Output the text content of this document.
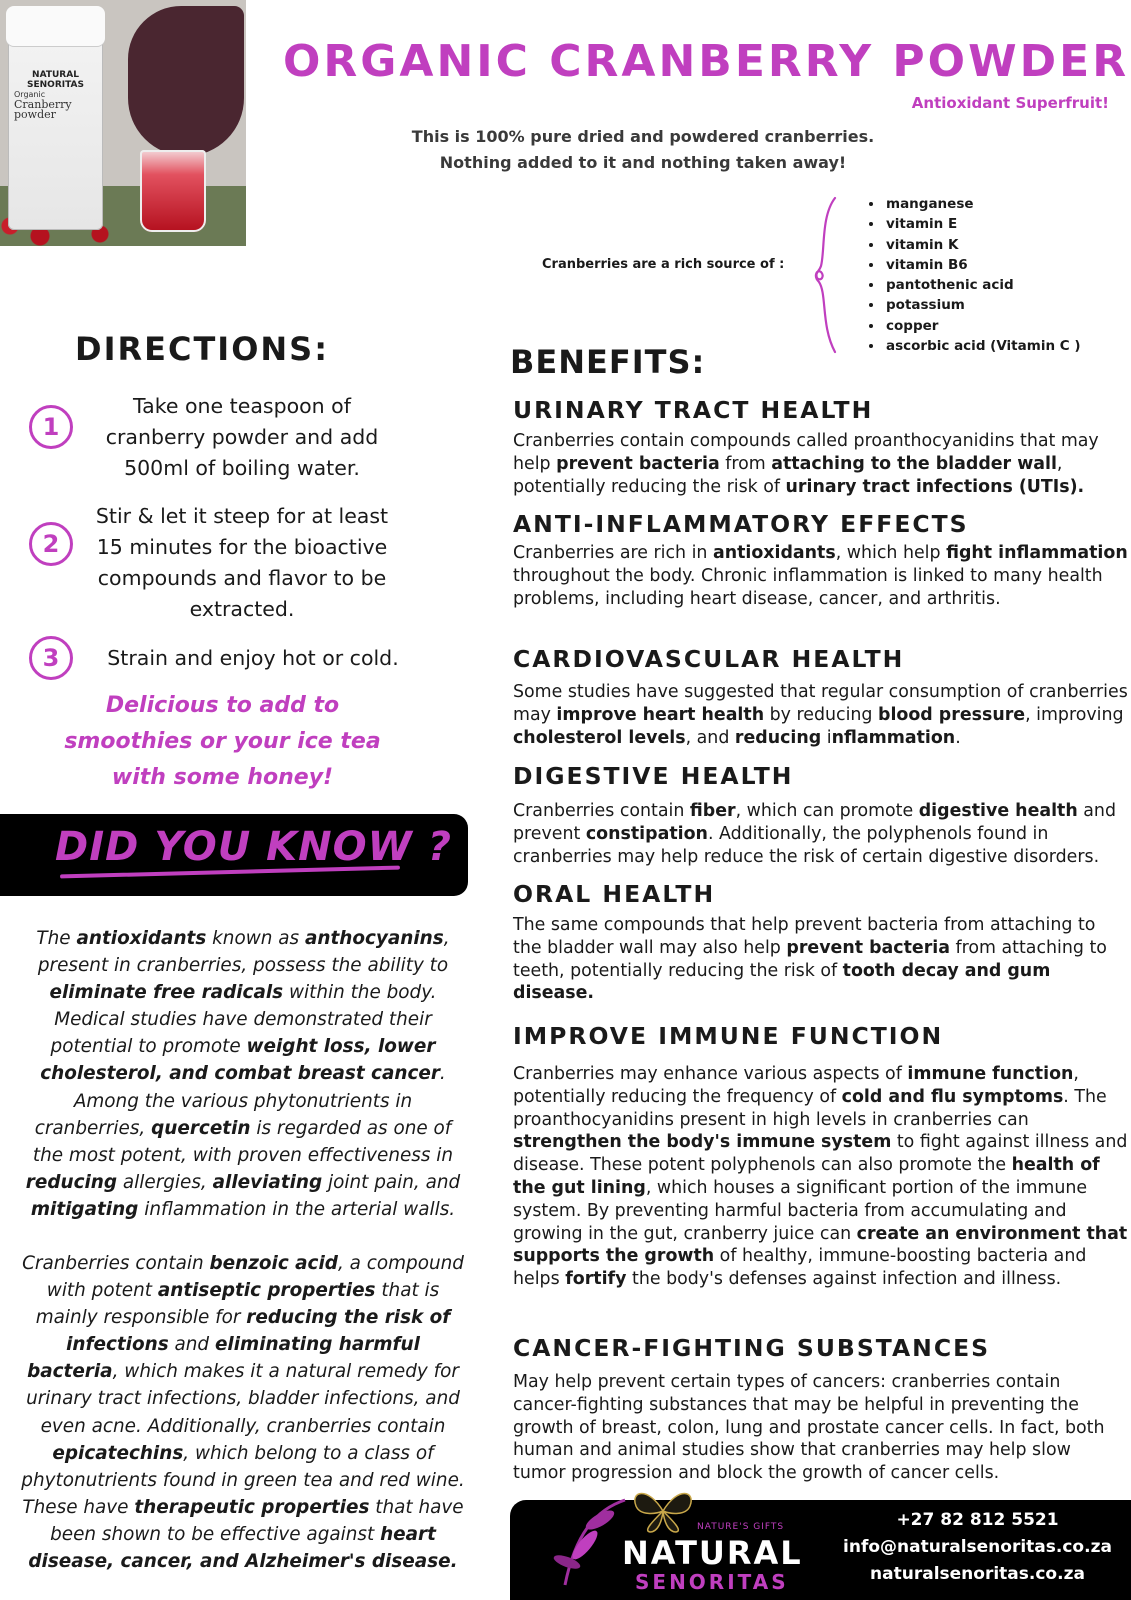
NATURAL SENORITAS
Organic
Cranberry powder
ORGANIC CRANBERRY POWDER
Antioxidant Superfruit!
This is 100% pure dried and powdered cranberries.
Nothing added to it and nothing taken away!
Cranberries are a rich source of :
• manganese
• vitamin E
• vitamin K
• vitamin B6
• pantothenic acid
• potassium
• copper
• ascorbic acid (Vitamin C )
DIRECTIONS:
1
Take one teaspoon of cranberry powder and add 500ml of boiling water.
2
Stir & let it steep for at least 15 minutes for the bioactive compounds and flavor to be extracted.
3	Strain and enjoy hot or cold.
Delicious to add to smoothies or your ice tea with some honey!
DID YOU KNOW ?
The antioxidants known as anthocyanins, present in cranberries, possess the ability to eliminate free radicals within the body. Medical studies have demonstrated their potential to promote weight loss, lower cholesterol, and combat breast cancer. Among the various phytonutrients in cranberries, quercetin is regarded as one of the most potent, with proven effectiveness in reducing allergies, alleviating joint pain, and mitigating inflammation in the arterial walls.
Cranberries contain benzoic acid, a compound with potent antiseptic properties that is mainly responsible for reducing the risk of infections and eliminating harmful bacteria, which makes it a natural remedy for urinary tract infections, bladder infections, and even acne. Additionally, cranberries contain epicatechins, which belong to a class of phytonutrients found in green tea and red wine. These have therapeutic properties that have been shown to be effective against heart disease, cancer, and Alzheimer's disease.
BENEFITS:
URINARY TRACT HEALTH
Cranberries contain compounds called proanthocyanidins that may help prevent bacteria from attaching to the bladder wall, potentially reducing the risk of urinary tract infections (UTIs).
ANTI-INFLAMMATORY EFFECTS
Cranberries are rich in antioxidants, which help fight inflammation throughout the body. Chronic inflammation is linked to many health problems, including heart disease, cancer, and arthritis.
CARDIOVASCULAR HEALTH
Some studies have suggested that regular consumption of cranberries may improve heart health by reducing blood pressure, improving cholesterol levels, and reducing inflammation.
DIGESTIVE HEALTH
Cranberries contain fiber, which can promote digestive health and prevent constipation. Additionally, the polyphenols found in cranberries may help reduce the risk of certain digestive disorders.
ORAL HEALTH
The same compounds that help prevent bacteria from attaching to the bladder wall may also help prevent bacteria from attaching to teeth, potentially reducing the risk of tooth decay and gum disease.
IMPROVE IMMUNE FUNCTION
Cranberries may enhance various aspects of immune function, potentially reducing the frequency of cold and flu symptoms. The proanthocyanidins present in high levels in cranberries can strengthen the body's immune system to fight against illness and disease. These potent polyphenols can also promote the health of the gut lining, which houses a significant portion of the immune system. By preventing harmful bacteria from accumulating and growing in the gut, cranberry juice can create an environment that supports the growth of healthy, immune-boosting bacteria and helps fortify the body's defenses against infection and illness.
CANCER-FIGHTING SUBSTANCES
May help prevent certain types of cancers: cranberries contain cancer-fighting substances that may be helpful in preventing the growth of breast, colon, lung and prostate cancer cells. In fact, both human and animal studies show that cranberries may help slow tumor progression and block the growth of cancer cells.
NATURE'S GIFTS
NATURAL
SENORITAS
+27 82 812 5521
info@naturalsenoritas.co.za
naturalsenoritas.co.za
